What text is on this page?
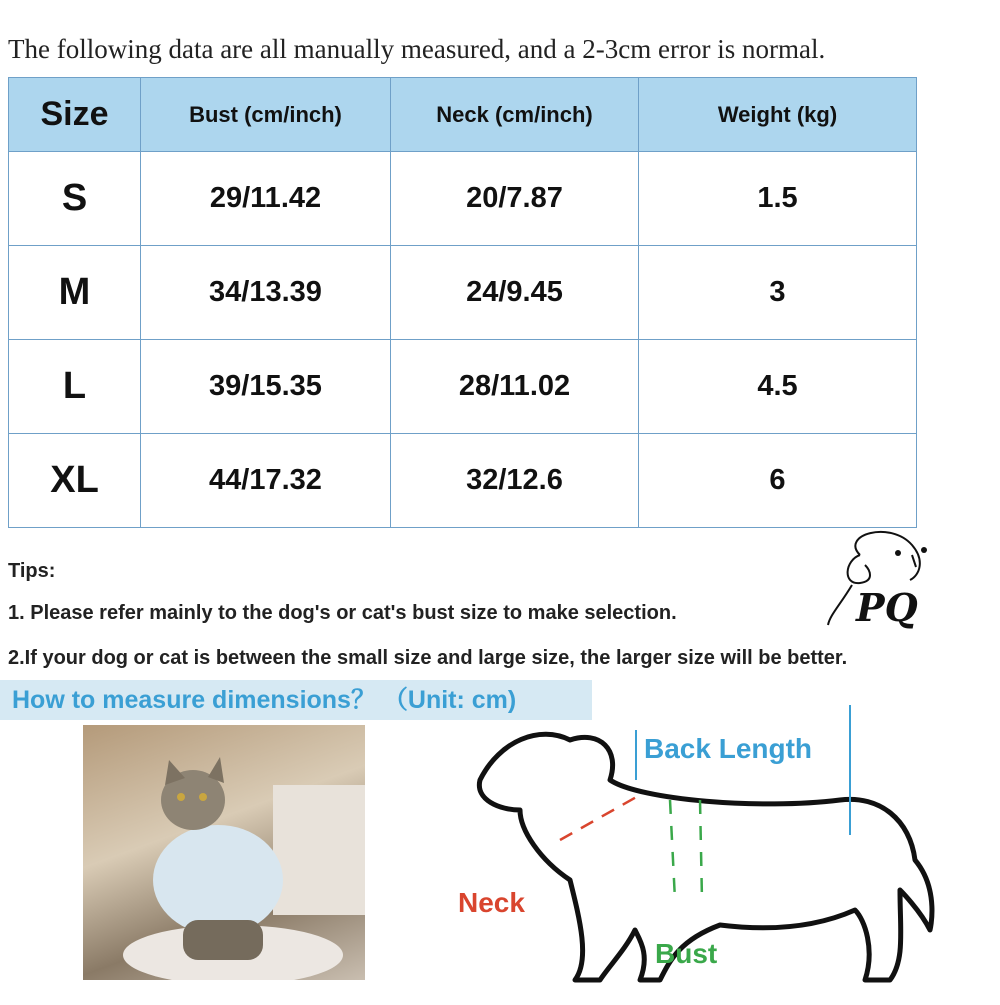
The following data are all manually measured, and a 2-3cm error is normal.
Size	Bust (cm/inch)	Neck (cm/inch)	Weight (kg)
S	29/11.42	20/7.87	1.5
M	34/13.39	24/9.45	3
L	39/15.35	28/11.02	4.5
XL	44/17.32	32/12.6	6
Tips:
1. Please refer mainly to the dog's or cat's bust size to make selection.
2.If your dog or cat is between the small size and large size, the larger size will be better.
PQ
How to measure dimensions？ （Unit: cm)
Back Length
Neck
Bust
